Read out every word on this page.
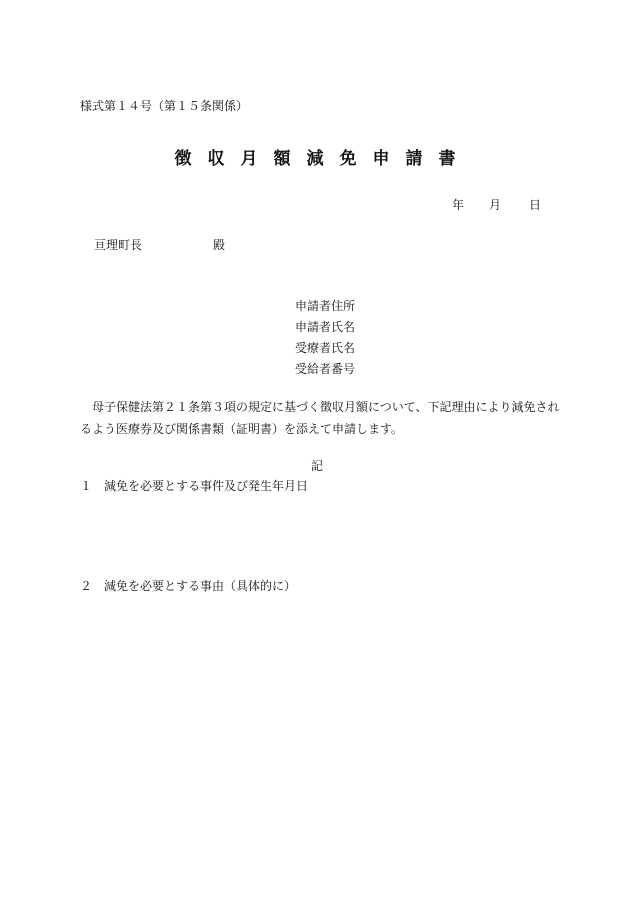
様式第１４号（第１５条関係）
徴収月額減免申請書
年	月	日
亘理町長	殿
申請者住所
申請者氏名
受療者氏名
受給者番号
母子保健法第２１条第３項の規定に基づく徴収月額について、下記理由により減免されるよう医療券及び関係書類（証明書）を添えて申請します。
記
１ 減免を必要とする事件及び発生年月日
２ 減免を必要とする事由（具体的に）
